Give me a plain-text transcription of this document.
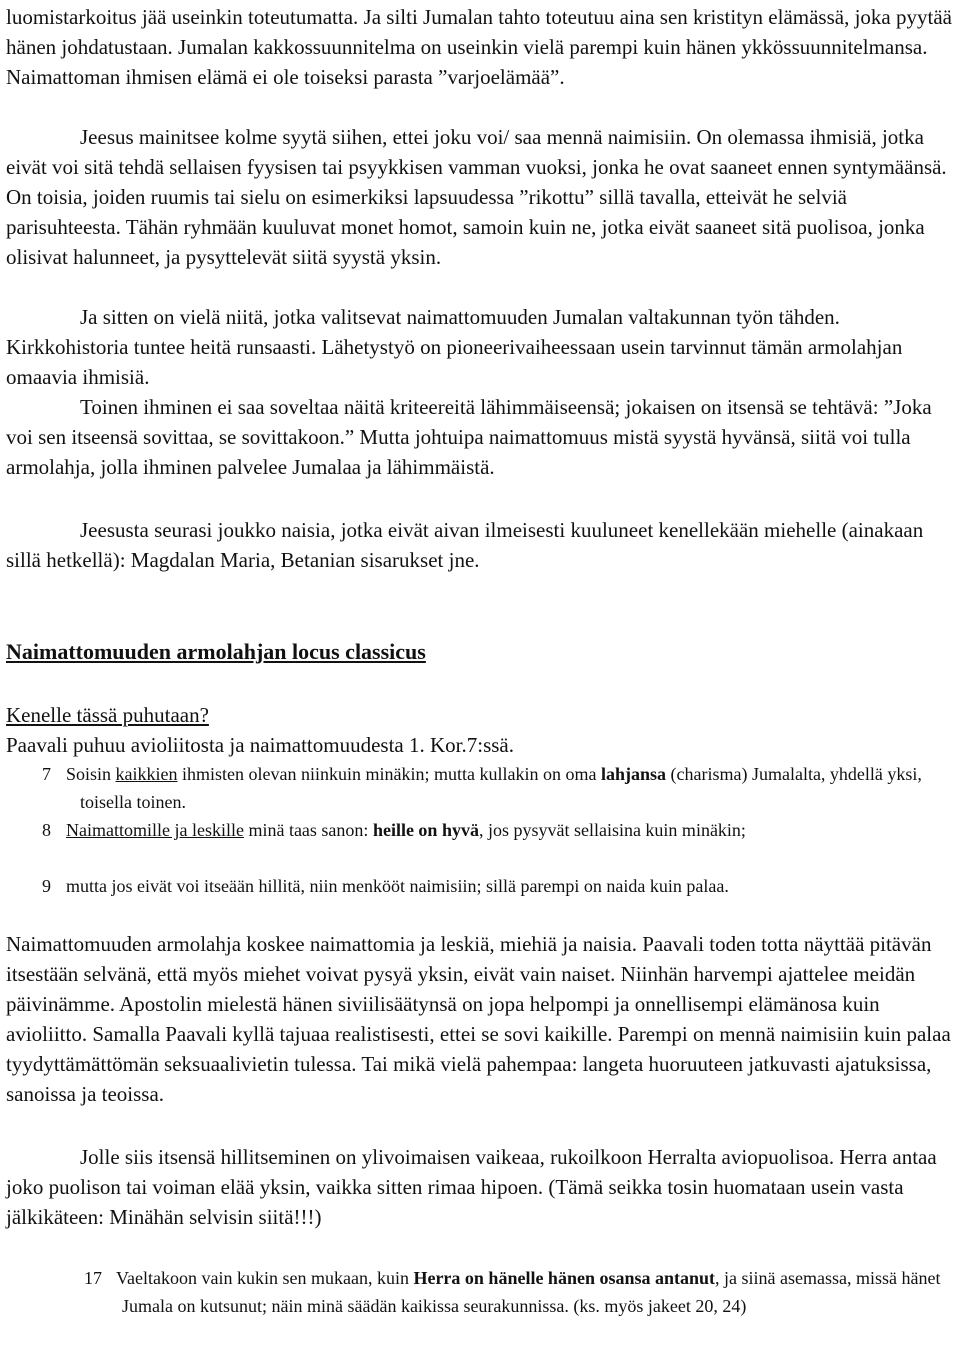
luomistarkoitus jää useinkin toteutumatta. Ja silti Jumalan tahto toteutuu aina sen kristityn elämässä, joka pyytää hänen johdatustaan. Jumalan kakkossuunnitelma on useinkin vielä parempi kuin hänen ykkössuunnitelmansa. Naimattoman ihmisen elämä ei ole toiseksi parasta ”varjoelämää”.

Jeesus mainitsee kolme syytä siihen, ettei joku voi/ saa mennä naimisiin. On olemassa ihmisiä, jotka eivät voi sitä tehdä sellaisen fyysisen tai psyykkisen vamman vuoksi, jonka he ovat saaneet ennen syntymäänsä. On toisia, joiden ruumis tai sielu on esimerkiksi lapsuudessa ”rikottu” sillä tavalla, etteivät he selviä parisuhteesta. Tähän ryhmään kuuluvat monet homot, samoin kuin ne, jotka eivät saaneet sitä puolisoa, jonka olisivat halunneet, ja pysyttelevät siitä syystä yksin.

Ja sitten on vielä niitä, jotka valitsevat naimattomuuden Jumalan valtakunnan työn tähden. Kirkkohistoria tuntee heitä runsaasti. Lähetystyö on pioneerivaiheessaan usein tarvinnut tämän armolahjan omaavia ihmisiä.

Toinen ihminen ei saa soveltaa näitä kriteereitä lähimmäiseensä; jokaisen on itsensä se tehtävä: ”Joka voi sen itseensä sovittaa, se sovittakoon.” Mutta johtuipa naimattomuus mistä syystä hyvänsä, siitä voi tulla armolahja, jolla ihminen palvelee Jumalaa ja lähimmäistä.

Jeesusta seurasi joukko naisia, jotka eivät aivan ilmeisesti kuuluneet kenellekään miehelle (ainakaan sillä hetkellä): Magdalan Maria, Betanian sisarukset jne.

Naimattomuuden armolahjan locus classicus

Kenelle tässä puhutaan?

Paavali puhuu avioliitosta ja naimattomuudesta 1. Kor.7:ssä.

7 Soisin kaikkien ihmisten olevan niinkuin minäkin; mutta kullakin on oma lahjansa (charisma) Jumalalta, yhdellä yksi, toisella toinen.

8 Naimattomille ja leskille minä taas sanon: heille on hyvä, jos pysyvät sellaisina kuin minäkin;

9 mutta jos eivät voi itseään hillitä, niin menkööt naimisiin; sillä parempi on naida kuin palaa.

Naimattomuuden armolahja koskee naimattomia ja leskiä, miehiä ja naisia. Paavali toden totta näyttää pitävän itsestään selvänä, että myös miehet voivat pysyä yksin, eivät vain naiset. Niinhän harvempi ajattelee meidän päivinämme. Apostolin mielestä hänen siviilisäätynsä on jopa helpompi ja onnellisempi elämänosa kuin avioliitto. Samalla Paavali kyllä tajuaa realistisesti, ettei se sovi kaikille. Parempi on mennä naimisiin kuin palaa tyydyttämättömän seksuaalivietin tulessa. Tai mikä vielä pahempaa: langeta huoruuteen jatkuvasti ajatuksissa, sanoissa ja teoissa.

Jolle siis itsensä hillitseminen on ylivoimaisen vaikeaa, rukoilkoon Herralta aviopuolisoa. Herra antaa joko puolison tai voiman elää yksin, vaikka sitten rimaa hipoen. (Tämä seikka tosin huomataan usein vasta jälkikäteen: Minähän selvisin siitä!!!)

17 Vaeltakoon vain kukin sen mukaan, kuin Herra on hänelle hänen osansa antanut, ja siinä asemassa, missä hänet Jumala on kutsunut; näin minä säädän kaikissa seurakunnissa. (ks. myös jakeet 20, 24)
